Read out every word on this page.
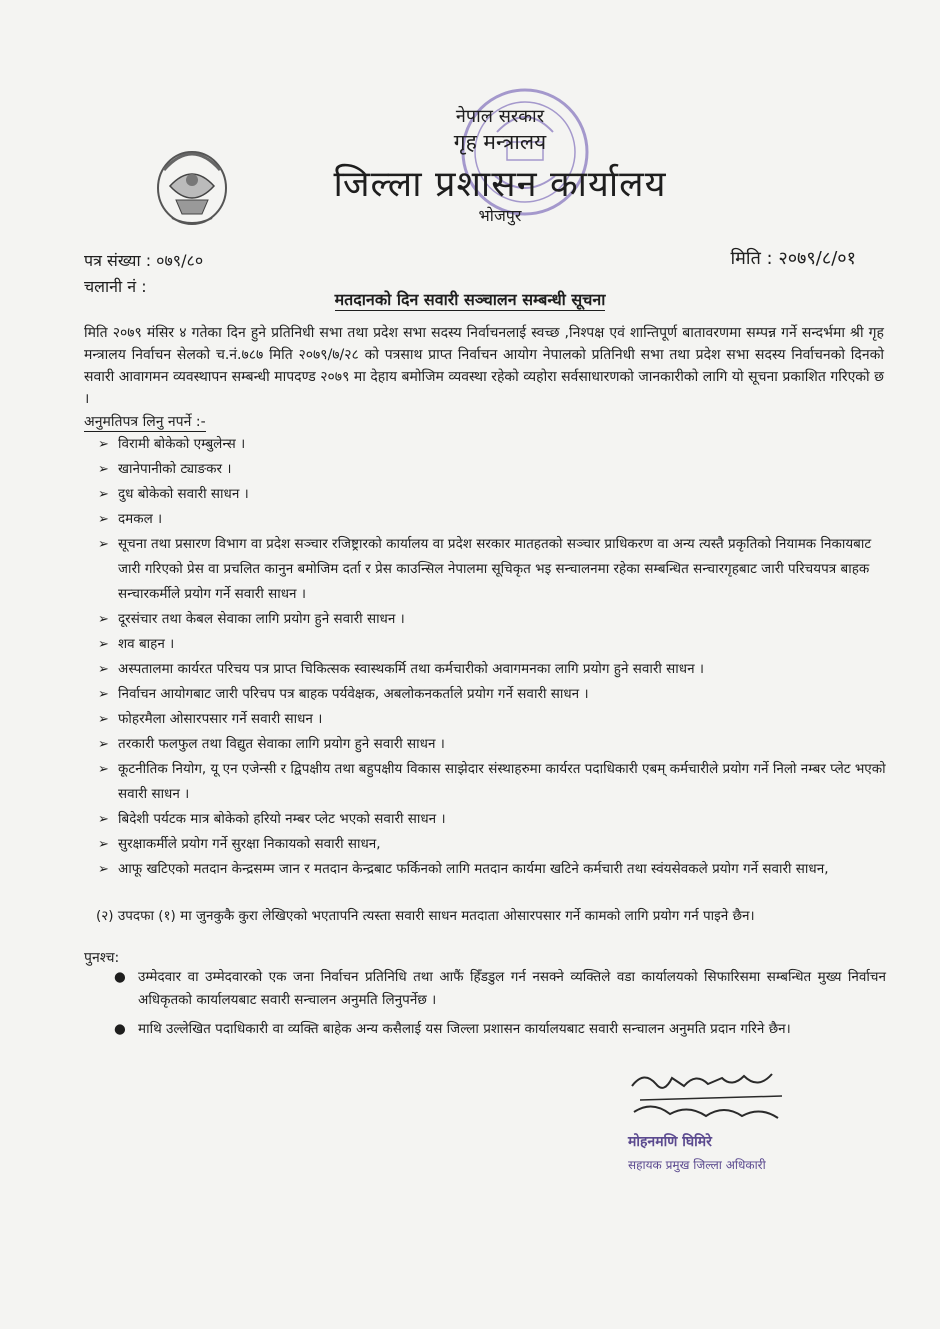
नेपाल सरकार
गृह मन्त्रालय
जिल्ला प्रशासन कार्यालय
भोजपुर
पत्र संख्या : ०७९/८०
चलानी नं :
मिति : २०७९/८/०१
मतदानको दिन सवारी सञ्चालन सम्बन्धी सूचना
मिति २०७९ मंसिर ४ गतेका दिन हुने प्रतिनिधी सभा तथा प्रदेश सभा सदस्य निर्वाचनलाई स्वच्छ ,निश्पक्ष एवं शान्तिपूर्ण बातावरणमा सम्पन्न गर्ने सन्दर्भमा श्री गृह मन्त्रालय निर्वाचन सेलको च.नं.७८७ मिति २०७९/७/२८ को पत्रसाथ प्राप्त निर्वाचन आयोग नेपालको प्रतिनिधी सभा तथा प्रदेश सभा सदस्य निर्वाचनको दिनको सवारी आवागमन व्यवस्थापन सम्बन्धी मापदण्ड २०७९ मा देहाय बमोजिम व्यवस्था रहेको व्यहोरा सर्वसाधारणको जानकारीको लागि यो सूचना प्रकाशित गरिएको छ ।
अनुमतिपत्र लिनु नपर्ने :-
➢ विरामी बोकेको एम्बुलेन्स ।
➢ खानेपानीको ट्याङकर ।
➢ दुध बोकेको सवारी साधन ।
➢ दमकल ।
➢ सूचना तथा प्रसारण विभाग वा प्रदेश सञ्चार रजिष्ट्रारको कार्यालय वा प्रदेश सरकार मातहतको सञ्चार प्राधिकरण वा अन्य त्यस्तै प्रकृतिको नियामक निकायबाट जारी गरिएको प्रेस वा प्रचलित कानुन बमोजिम दर्ता र प्रेस काउन्सिल नेपालमा सूचिकृत भइ सन्चालनमा रहेका सम्बन्धित सन्चारगृहबाट जारी परिचयपत्र बाहक सन्चारकर्मीले प्रयोग गर्ने सवारी साधन ।
➢ दूरसंचार तथा केबल सेवाका लागि प्रयोग हुने सवारी साधन ।
➢ शव बाहन ।
➢ अस्पतालमा कार्यरत परिचय पत्र प्राप्त चिकित्सक स्वास्थकर्मि तथा कर्मचारीको अवागमनका लागि प्रयोग हुने सवारी साधन ।
➢ निर्वाचन आयोगबाट जारी परिचप पत्र बाहक पर्यवेक्षक, अबलोकनकर्ताले प्रयोग गर्ने सवारी साधन ।
➢ फोहरमैला ओसारपसार गर्ने सवारी साधन ।
➢ तरकारी फलफुल तथा विद्युत सेवाका लागि प्रयोग हुने सवारी साधन ।
➢ कूटनीतिक नियोग, यू एन एजेन्सी र द्विपक्षीय तथा बहुपक्षीय विकास साझेदार संस्थाहरुमा कार्यरत पदाधिकारी एबम् कर्मचारीले प्रयोग गर्ने निलो नम्बर प्लेट भएको सवारी साधन ।
➢ बिदेशी पर्यटक मात्र बोकेको हरियो नम्बर प्लेट भएको सवारी साधन ।
➢ सुरक्षाकर्मीले प्रयोग गर्ने सुरक्षा निकायको सवारी साधन,
➢ आफू खटिएको मतदान केन्द्रसम्म जान र मतदान केन्द्रबाट फर्किनको लागि मतदान कार्यमा खटिने कर्मचारी तथा स्वंयसेवकले प्रयोग गर्ने सवारी साधन,
(२) उपदफा (१) मा जुनकुकै कुरा लेखिएको भएतापनि त्यस्ता सवारी साधन मतदाता ओसारपसार गर्ने कामको लागि प्रयोग गर्न पाइने छैन।
पुनश्च:
● उम्मेदवार वा उम्मेदवारको एक जना निर्वाचन प्रतिनिधि तथा आफैं हिँडडुल गर्न नसक्ने व्यक्तिले वडा कार्यालयको सिफारिसमा सम्बन्धित मुख्य निर्वाचन अधिकृतको कार्यालयबाट सवारी सन्चालन अनुमति लिनुपर्नेछ ।
● माथि उल्लेखित पदाधिकारी वा व्यक्ति बाहेक अन्य कसैलाई यस जिल्ला प्रशासन कार्यालयबाट सवारी सन्चालन अनुमति प्रदान गरिने छैन।
मोहनमणि घिमिरे
सहायक प्रमुख जिल्ला अधिकारी
